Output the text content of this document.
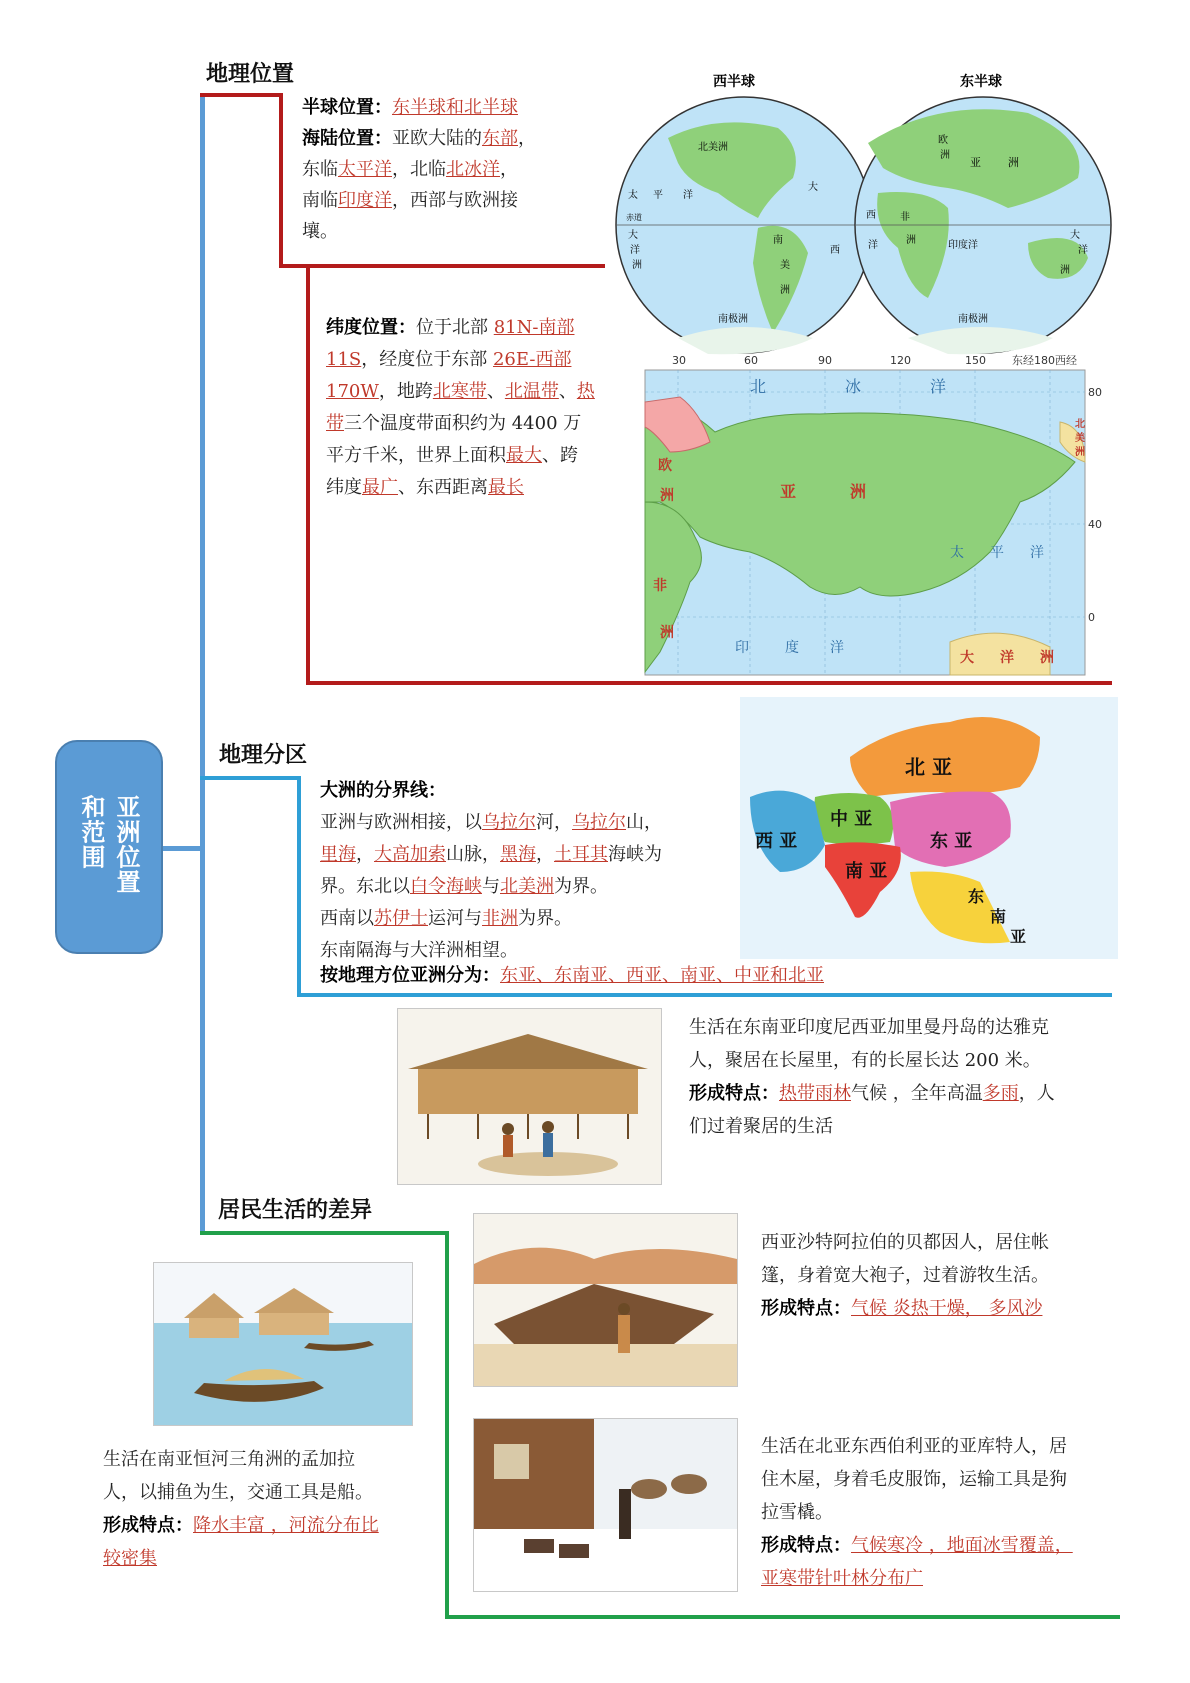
亚洲位置和范围
地理位置
地理分区
居民生活的差异
半球位置：东半球和北半球
海陆位置：亚欧大陆的东部，
东临太平洋，北临北冰洋，
南临印度洋，西部与欧洲接
壤。
纬度位置：位于北部 81N-南部
11S，经度位于东部 26E-西部
170W，地跨北寒带、北温带、热
带三个温度带面积约为 4400 万
平方千米，世界上面积最大、跨
纬度最广、东西距离最长
西半球	东半球
北美洲
南
美
洲
大
西
太 平 洋
赤道
大
洋
洲
南极洲
欧
洲
亚 洲
非
洲	印度洋
大
洋
洲
南极洲
洋
西
30	60	90	120	150 东经180西经
80
40
0
北	冰	洋
欧
洲	亚	洲
太 平 洋
非
洲
印	度 洋
大 洋 洲
北
美
洲
北 亚
中 亚
西 亚	东 亚
南 亚
东
南
亚
大洲的分界线：
亚洲与欧洲相接，以乌拉尔河，乌拉尔山，
里海，大高加索山脉，黑海，土耳其海峡为
界。东北以白令海峡与北美洲为界。
西南以苏伊士运河与非洲为界。
东南隔海与大洋洲相望。
按地理方位亚洲分为：东亚、东南亚、西亚、南亚、中亚和北亚
生活在东南亚印度尼西亚加里曼丹岛的达雅克
人，聚居在长屋里，有的长屋长达 200 米。
形成特点：热带雨林气候 ，全年高温多雨，人
们过着聚居的生活
西亚沙特阿拉伯的贝都因人，居住帐
篷，身着宽大袍子，过着游牧生活。
形成特点：气候 炎热干燥， 多风沙
生活在北亚东西伯利亚的亚库特人，居
住木屋，身着毛皮服饰，运输工具是狗
拉雪橇。
形成特点：气候寒冷 ，地面冰雪覆盖，
亚寒带针叶林分布广
生活在南亚恒河三角洲的孟加拉
人，以捕鱼为生，交通工具是船。
形成特点：降水丰富 ，河流分布比
较密集
